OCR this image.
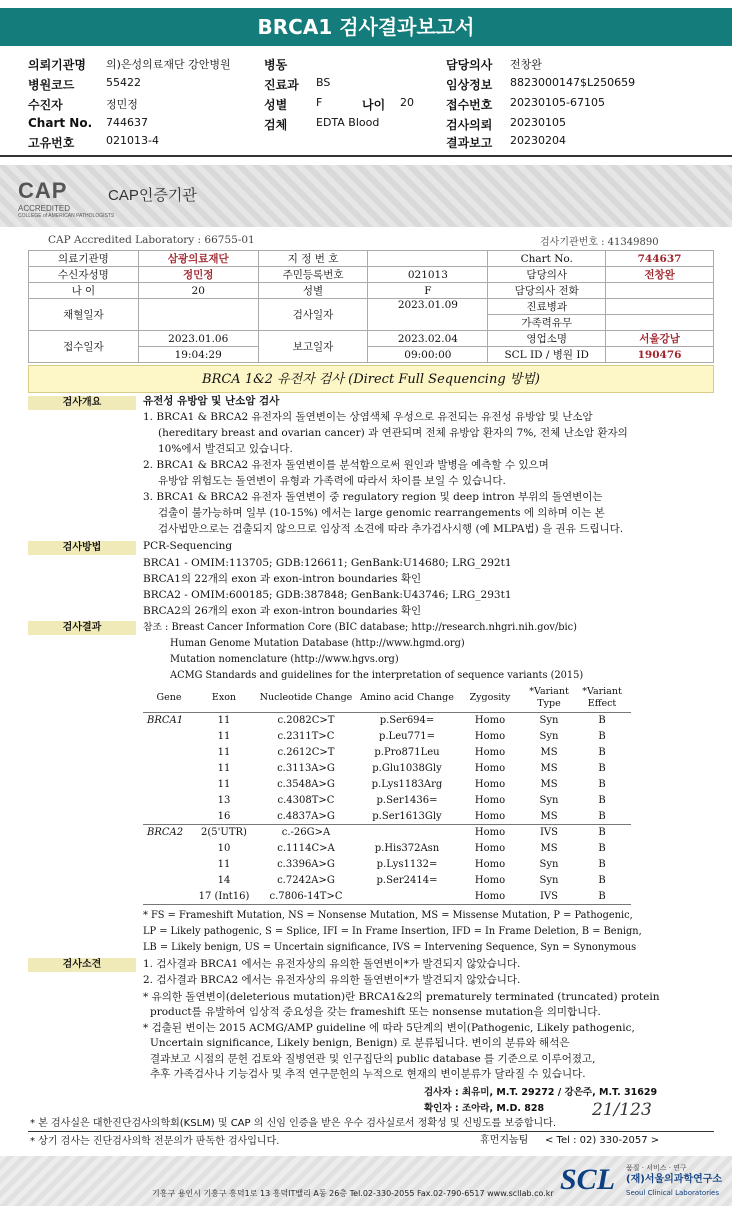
BRCA1 검사결과보고서
의뢰기관명 의)은성의료재단 강안병원
병원코드	55422
수진자	정민정
Chart No. 744637
고유번호	021013-4
병동
진료과 BS
성별	F	나이 20
검체	EDTA Blood
담당의사 전창완
임상정보 8823000147$L250659
접수번호 20230105-67105
검사의뢰 20230105
결과보고 20230204
CAP
ACCREDITED
COLLEGE of AMERICAN PATHOLOGISTS
CAP인증기관
CAP Accredited Laboratory : 66755-01	검사기관번호 : 41349890
의료기관명	삼광의료재단	지 정 번 호		Chart No.	744637
수신자성명	정민정	주민등록번호	021013	담당의사	전창완
나 이	20	성별	F	담당의사 전화	
채혈일자		검사일자	2023.01.09	진료병과	
				가족력유무	
접수일자	2023.01.06	보고일자	2023.02.04	영업소명	서울강남
	19:04:29		09:00:00	SCL ID / 병원 ID	190476
BRCA 1&2 유전자 검사 (Direct Full Sequencing 방법)
검사개요	유전성 유방암 및 난소암 검사
1. BRCA1 & BRCA2 유전자의 돌연변이는 상염색체 우성으로 유전되는 유전성 유방암 및 난소암
(hereditary breast and ovarian cancer) 과 연관되며 전체 유방암 환자의 7%, 전체 난소암 환자의
10%에서 발견되고 있습니다.
2. BRCA1 & BRCA2 유전자 돌연변이를 분석함으로써 원인과 발병을 예측할 수 있으며
유방암 위험도는 돌연변이 유형과 가족력에 따라서 차이를 보일 수 있습니다.
3. BRCA1 & BRCA2 유전자 돌연변이 중 regulatory region 및 deep intron 부위의 돌연변이는
검출이 불가능하며 일부 (10-15%) 에서는 large genomic rearrangements 에 의하며 이는 본
검사법만으로는 검출되지 않으므로 임상적 소견에 따라 추가검사시행 (예 MLPA법) 을 권유 드립니다.
검사방법	PCR-Sequencing
BRCA1 - OMIM:113705; GDB:126611; GenBank:U14680; LRG_292t1
BRCA1의 22개의 exon 과 exon-intron boundaries 확인
BRCA2 - OMIM:600185; GDB:387848; GenBank:U43746; LRG_293t1
BRCA2의 26개의 exon 과 exon-intron boundaries 확인
검사결과	참조 : Breast Cancer Information Core (BIC database; http://research.nhgri.nih.gov/bic)
Human Genome Mutation Database (http://www.hgmd.org)
Mutation nomenclature (http://www.hgvs.org)
ACMG Standards and guidelines for the interpretation of sequence variants (2015)
Gene	Exon	Nucleotide Change	Amino acid Change	Zygosity	*Variant Type	*Variant Effect
BRCA1	11	c.2082C>T	p.Ser694=	Homo	Syn	B
	11	c.2311T>C	p.Leu771=	Homo	Syn	B
	11	c.2612C>T	p.Pro871Leu	Homo	MS	B
	11	c.3113A>G	p.Glu1038Gly	Homo	MS	B
	11	c.3548A>G	p.Lys1183Arg	Homo	MS	B
	13	c.4308T>C	p.Ser1436=	Homo	Syn	B
	16	c.4837A>G	p.Ser1613Gly	Homo	MS	B
BRCA2	2(5'UTR)	c.-26G>A		Homo	IVS	B
	10	c.1114C>A	p.His372Asn	Homo	MS	B
	11	c.3396A>G	p.Lys1132=	Homo	Syn	B
	14	c.7242A>G	p.Ser2414=	Homo	Syn	B
	17 (Int16)	c.7806-14T>C		Homo	IVS	B
* FS = Frameshift Mutation, NS = Nonsense Mutation, MS = Missense Mutation, P = Pathogenic,
LP = Likely pathogenic, S = Splice, IFI = In Frame Insertion, IFD = In Frame Deletion, B = Benign,
LB = Likely benign, US = Uncertain significance, IVS = Intervening Sequence, Syn = Synonymous
검사소견	1. 검사결과 BRCA1 에서는 유전자상의 유의한 돌연변이*가 발견되지 않았습니다.
2. 검사결과 BRCA2 에서는 유전자상의 유의한 돌연변이*가 발견되지 않았습니다.
* 유의한 돌연변이(deleterious mutation)란 BRCA1&2의 prematurely terminated (truncated) protein
product를 유발하여 임상적 중요성을 갖는 frameshift 또는 nonsense mutation을 의미합니다.
* 검출된 변이는 2015 ACMG/AMP guideline 에 따라 5단계의 변이(Pathogenic, Likely pathogenic,
Uncertain significance, Likely benign, Benign) 로 분류됩니다. 변이의 분류와 해석은
결과보고 시점의 문헌 검토와 질병연관 및 인구집단의 public database 를 기준으로 이루어졌고,
추후 가족검사나 기능검사 및 추적 연구문헌의 누적으로 현재의 변이분류가 달라질 수 있습니다.
검사자 : 최유미, M.T. 29272 / 강은주, M.T. 31629
확인자 : 조아라, M.D. 828	21/123
* 본 검사실은 대한진단검사의학회(KSLM) 및 CAP 의 신임 인증을 받은 우수 검사실로서 정확성 및 신빙도를 보증합니다.
* 상기 검사는 진단검사의학 전문의가 판독한 검사입니다.	휴먼지놈팀 < Tel : 02) 330-2057 >
기흥구 용인시 기흥구 흥덕1로 13 흥덕IT밸리 A동 26층 Tel.02-330-2055 Fax.02-790-6517 www.scllab.co.kr SCL 품질 · 서비스 · 연구
(재)서울의과학연구소
Seoul Clinical Laboratories
